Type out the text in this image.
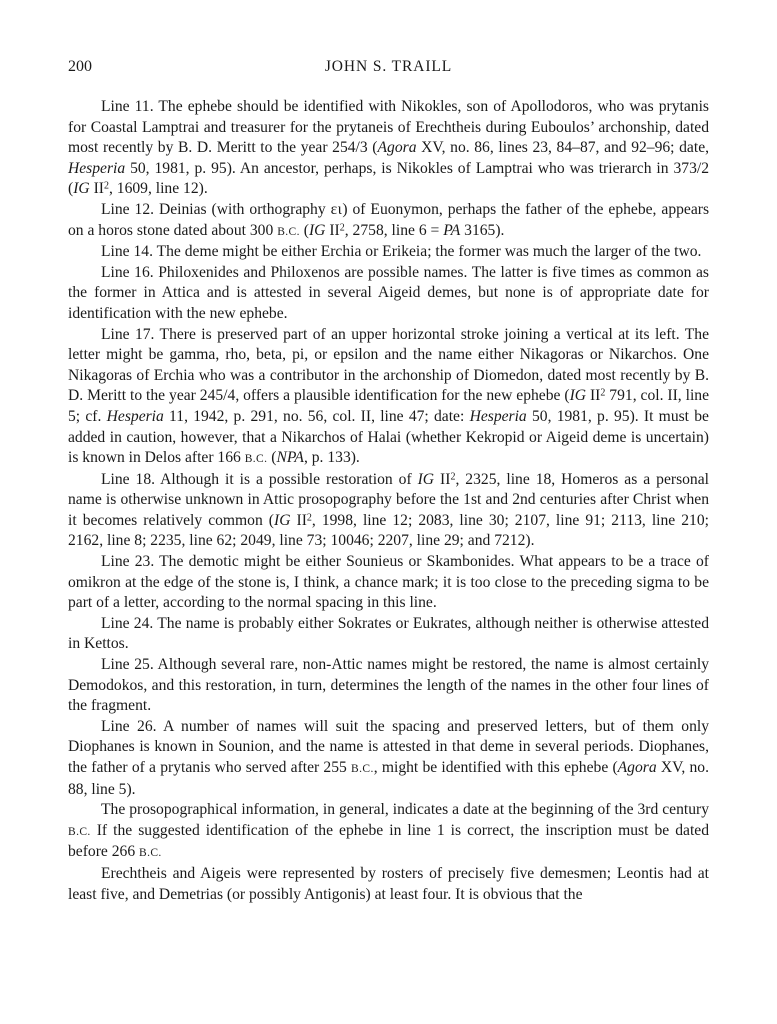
200	JOHN S. TRAILL

Line 11. The ephebe should be identified with Nikokles, son of Apollodoros, who was prytanis for Coastal Lamptrai and treasurer for the prytaneis of Erechtheis during Euboulos’ archonship, dated most recently by B. D. Meritt to the year 254/3 (Agora XV, no. 86, lines 23, 84–87, and 92–96; date, Hesperia 50, 1981, p. 95). An ancestor, perhaps, is Nikokles of Lamptrai who was trierarch in 373/2 (IG $II^2$, 1609, line 12).

Line 12. Deinias (with orthography ει) of Euonymon, perhaps the father of the ephebe, appears on a horos stone dated about 300 B.C. (IG $II^2$, 2758, line 6 = PA 3165).

Line 14. The deme might be either Erchia or Erikeia; the former was much the larger of the two.

Line 16. Philoxenides and Philoxenos are possible names. The latter is five times as common as the former in Attica and is attested in several Aigeid demes, but none is of appropriate date for identification with the new ephebe.

Line 17. There is preserved part of an upper horizontal stroke joining a vertical at its left. The letter might be gamma, rho, beta, pi, or epsilon and the name either Nikagoras or Nikarchos. One Nikagoras of Erchia who was a contributor in the archonship of Diomedon, dated most recently by B. D. Meritt to the year 245/4, offers a plausible identification for the new ephebe (IG $II^2$ 791, col. II, line 5; cf. Hesperia 11, 1942, p. 291, no. 56, col. II, line 47; date: Hesperia 50, 1981, p. 95). It must be added in caution, however, that a Nikarchos of Halai (whether Kekropid or Aigeid deme is uncertain) is known in Delos after 166 B.C. (NPA, p. 133).

Line 18. Although it is a possible restoration of IG $II^2$, 2325, line 18, Homeros as a personal name is otherwise unknown in Attic prosopography before the 1st and 2nd centuries after Christ when it becomes relatively common (IG $II^2$, 1998, line 12; 2083, line 30; 2107, line 91; 2113, line 210; 2162, line 8; 2235, line 62; 2049, line 73; 10046; 2207, line 29; and 7212).

Line 23. The demotic might be either Sounieus or Skambonides. What appears to be a trace of omikron at the edge of the stone is, I think, a chance mark; it is too close to the preceding sigma to be part of a letter, according to the normal spacing in this line.

Line 24. The name is probably either Sokrates or Eukrates, although neither is otherwise attested in Kettos.

Line 25. Although several rare, non-Attic names might be restored, the name is almost certainly Demodokos, and this restoration, in turn, determines the length of the names in the other four lines of the fragment.

Line 26. A number of names will suit the spacing and preserved letters, but of them only Diophanes is known in Sounion, and the name is attested in that deme in several periods. Diophanes, the father of a prytanis who served after 255 B.C., might be identified with this ephebe (Agora XV, no. 88, line 5).

The prosopographical information, in general, indicates a date at the beginning of the 3rd century B.C. If the suggested identification of the ephebe in line 1 is correct, the inscription must be dated before 266 B.C.

Erechtheis and Aigeis were represented by rosters of precisely five demesmen; Leontis had at least five, and Demetrias (or possibly Antigonis) at least four. It is obvious that the
